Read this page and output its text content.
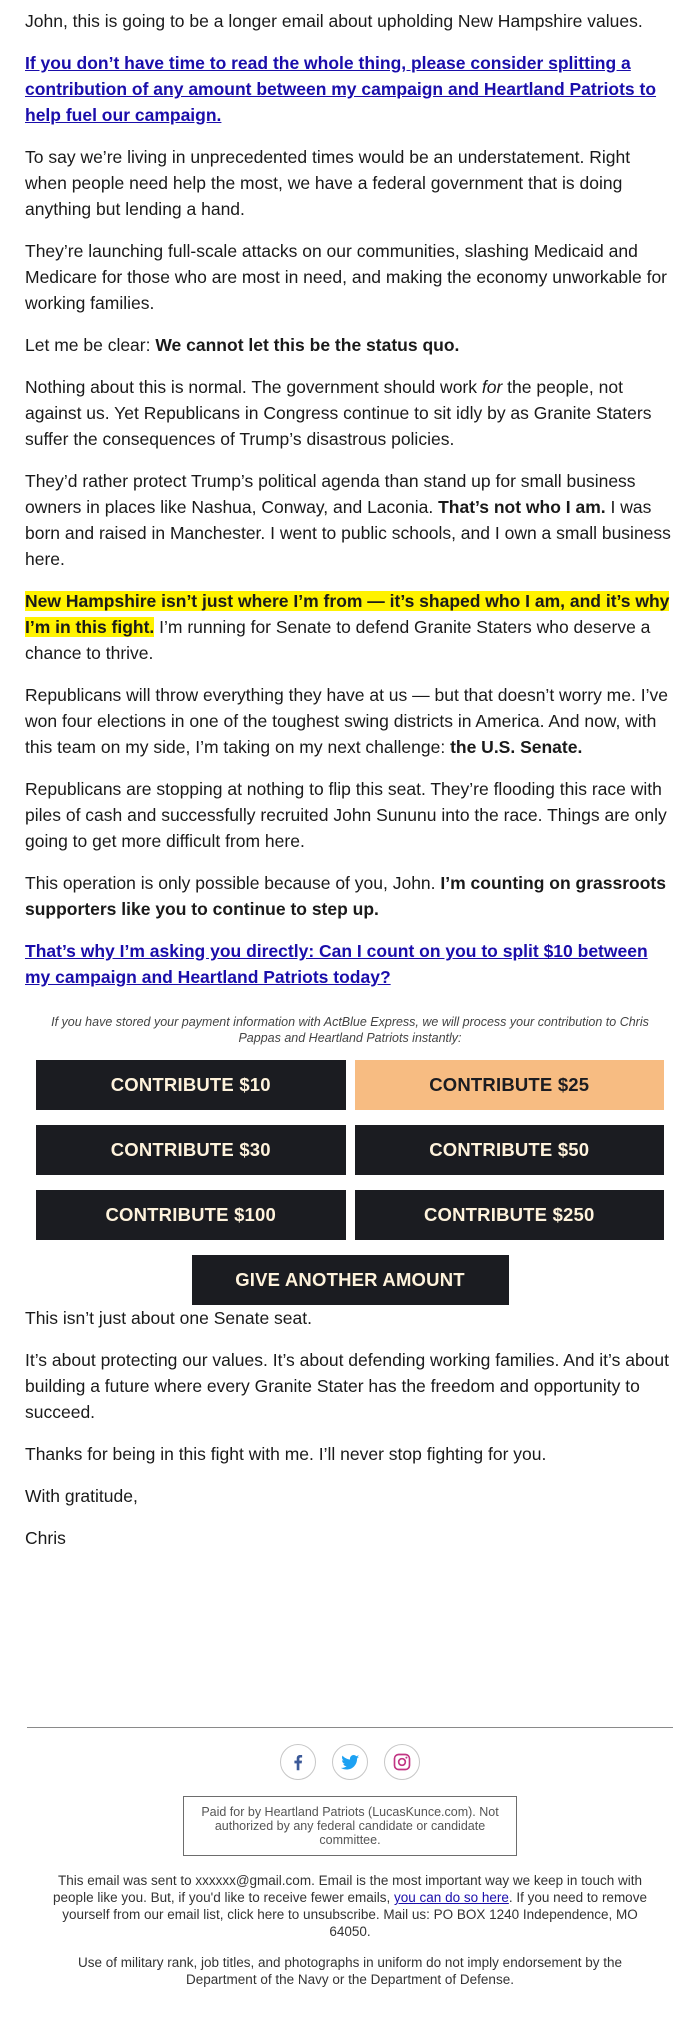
John, this is going to be a longer email about upholding New Hampshire values.

If you don’t have time to read the whole thing, please consider splitting a contribution of any amount between my campaign and Heartland Patriots to help fuel our campaign.

To say we’re living in unprecedented times would be an understatement. Right when people need help the most, we have a federal government that is doing anything but lending a hand.

They’re launching full-scale attacks on our communities, slashing Medicaid and Medicare for those who are most in need, and making the economy unworkable for working families.

Let me be clear: We cannot let this be the status quo.

Nothing about this is normal. The government should work for the people, not against us. Yet Republicans in Congress continue to sit idly by as Granite Staters suffer the consequences of Trump’s disastrous policies.

They’d rather protect Trump’s political agenda than stand up for small business owners in places like Nashua, Conway, and Laconia. That’s not who I am. I was born and raised in Manchester. I went to public schools, and I own a small business here.

New Hampshire isn’t just where I’m from — it’s shaped who I am, and it’s why I’m in this fight. I’m running for Senate to defend Granite Staters who deserve a chance to thrive.

Republicans will throw everything they have at us — but that doesn’t worry me. I’ve won four elections in one of the toughest swing districts in America. And now, with this team on my side, I’m taking on my next challenge: the U.S. Senate.

Republicans are stopping at nothing to flip this seat. They’re flooding this race with piles of cash and successfully recruited John Sununu into the race. Things are only going to get more difficult from here.

This operation is only possible because of you, John. I’m counting on grassroots supporters like you to continue to step up.

That’s why I’m asking you directly: Can I count on you to split $10 between my campaign and Heartland Patriots today?

If you have stored your payment information with ActBlue Express, we will process your contribution to Chris Pappas and Heartland Patriots instantly:
CONTRIBUTE $10	CONTRIBUTE $25
CONTRIBUTE $30	CONTRIBUTE $50
CONTRIBUTE $100	CONTRIBUTE $250
GIVE ANOTHER AMOUNT

This isn’t just about one Senate seat.

It’s about protecting our values. It’s about defending working families. And it’s about building a future where every Granite Stater has the freedom and opportunity to succeed.

Thanks for being in this fight with me. I’ll never stop fighting for you.

With gratitude,

Chris

Paid for by Heartland Patriots (LucasKunce.com). Not authorized by any federal candidate or candidate committee.
This email was sent to xxxxxx@gmail.com. Email is the most important way we keep in touch with people like you. But, if you'd like to receive fewer emails, you can do so here. If you need to remove yourself from our email list, click here to unsubscribe. Mail us: PO BOX 1240 Independence, MO 64050.
Use of military rank, job titles, and photographs in uniform do not imply endorsement by the Department of the Navy or the Department of Defense.
